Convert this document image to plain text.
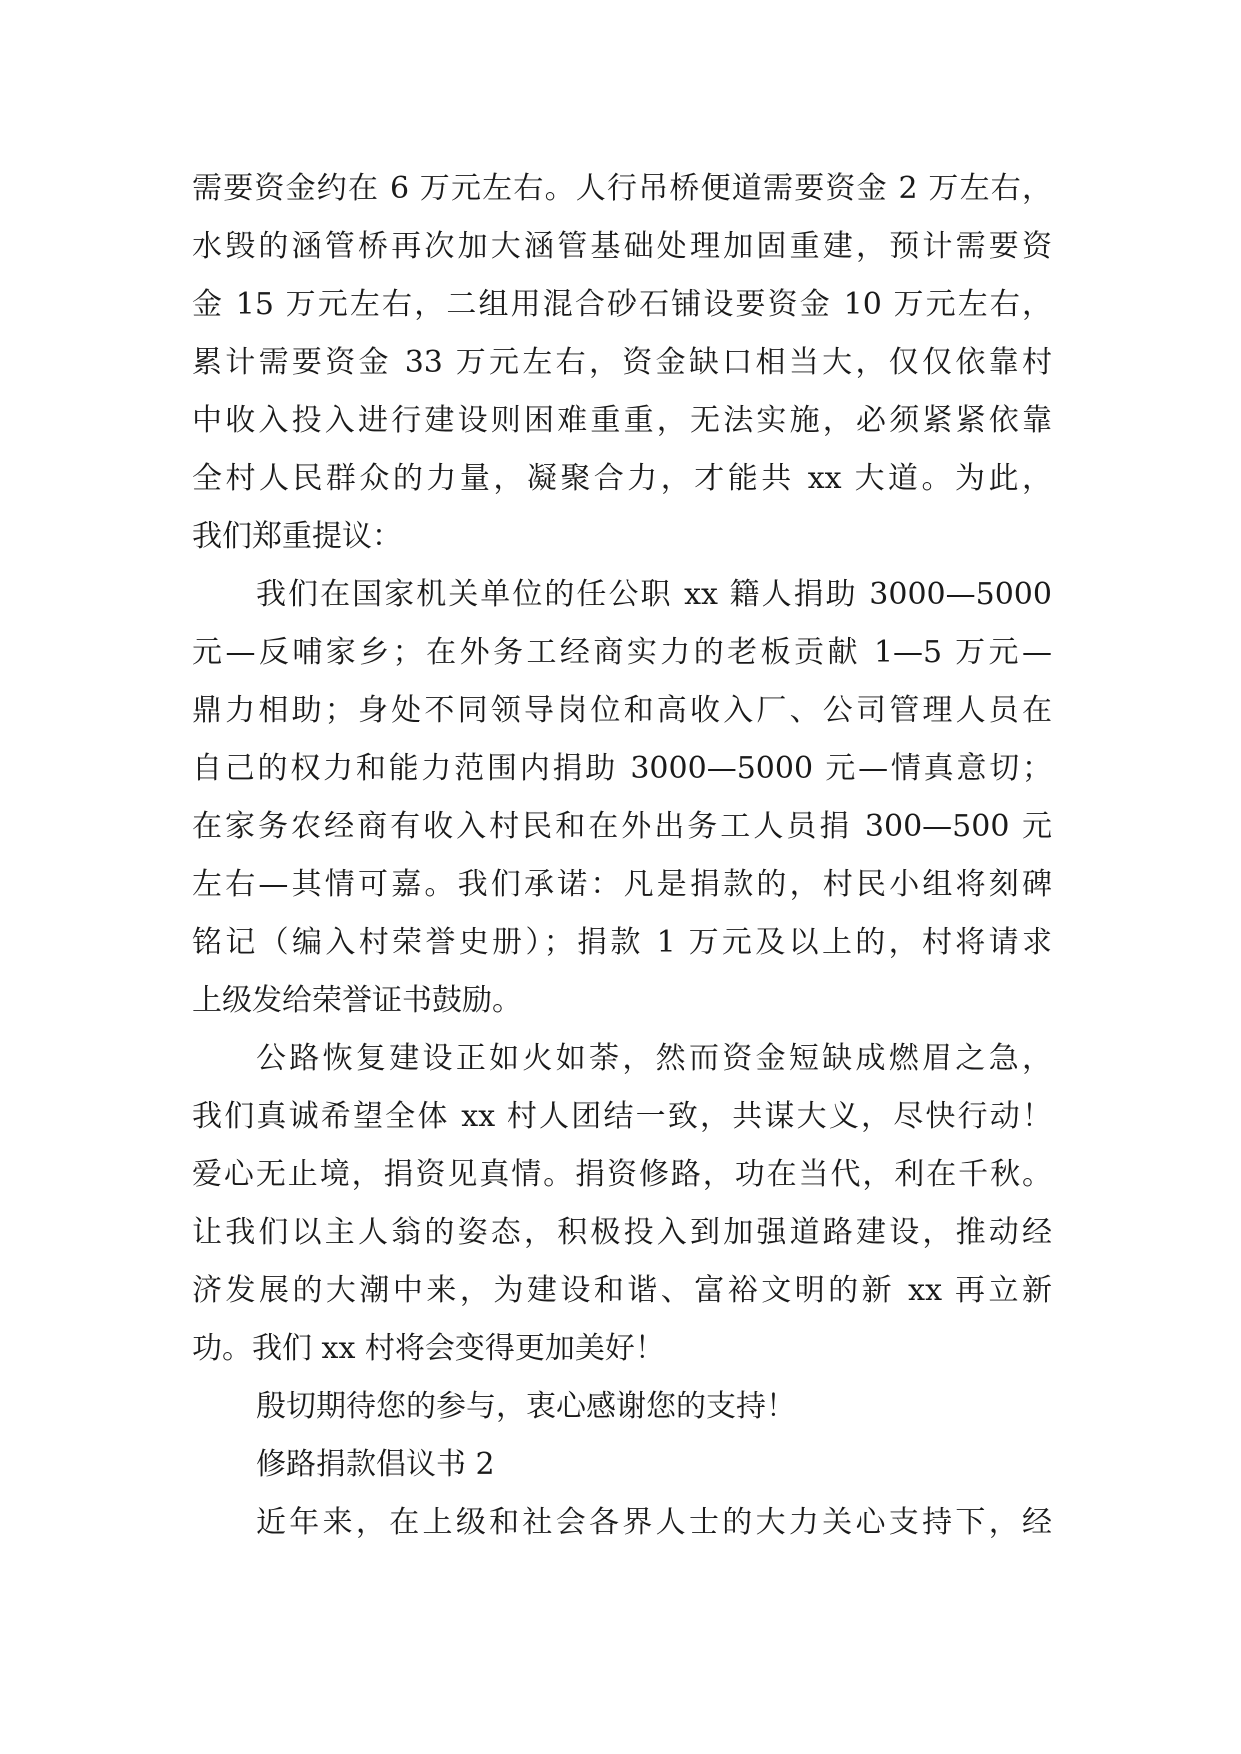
需要资金约在 6 万元左右。人行吊桥便道需要资金 2 万左右，
水毁的涵管桥再次加大涵管基础处理加固重建，预计需要资
金 15 万元左右，二组用混合砂石铺设要资金 10 万元左右，
累计需要资金 33 万元左右，资金缺口相当大，仅仅依靠村
中收入投入进行建设则困难重重，无法实施，必须紧紧依靠
全村人民群众的力量，凝聚合力，才能共 xx 大道。为此，
我们郑重提议：
我们在国家机关单位的任公职 xx 籍人捐助 3000—5000
元—反哺家乡；在外务工经商实力的老板贡献 1—5 万元—
鼎力相助；身处不同领导岗位和高收入厂、公司管理人员在
自己的权力和能力范围内捐助 3000—5000 元—情真意切；
在家务农经商有收入村民和在外出务工人员捐 300—500 元
左右—其情可嘉。我们承诺：凡是捐款的，村民小组将刻碑
铭记（编入村荣誉史册）；捐款 1 万元及以上的，村将请求
上级发给荣誉证书鼓励。
公路恢复建设正如火如荼，然而资金短缺成燃眉之急，
我们真诚希望全体 xx 村人团结一致，共谋大义，尽快行动！
爱心无止境，捐资见真情。捐资修路，功在当代，利在千秋。
让我们以主人翁的姿态，积极投入到加强道路建设，推动经
济发展的大潮中来，为建设和谐、富裕文明的新 xx 再立新
功。我们 xx 村将会变得更加美好！
殷切期待您的参与，衷心感谢您的支持！
修路捐款倡议书 2
近年来，在上级和社会各界人士的大力关心支持下，经
